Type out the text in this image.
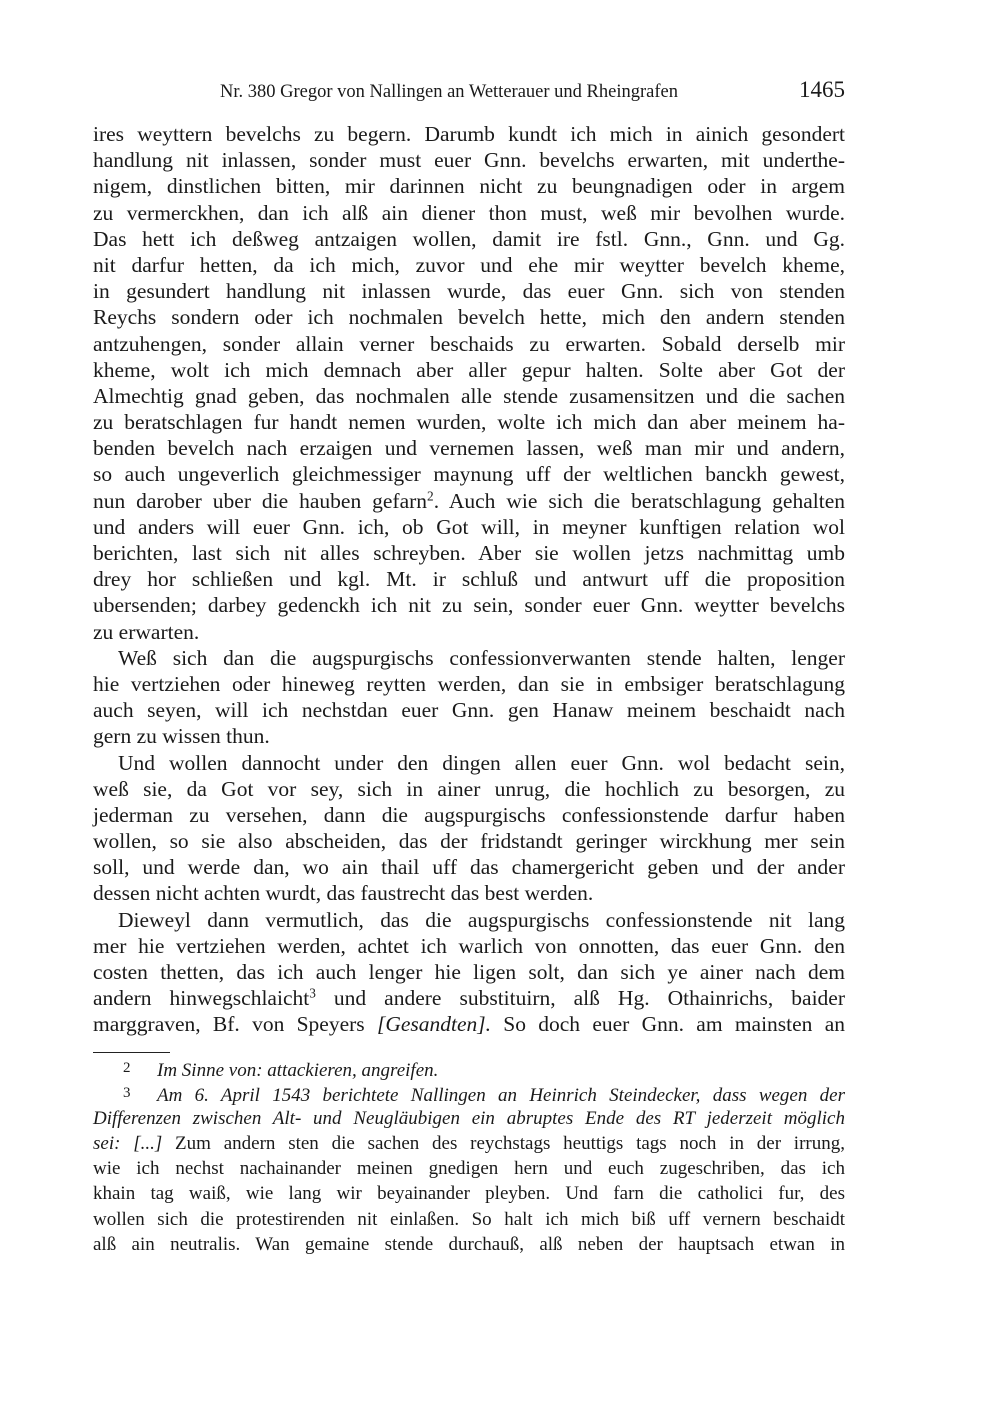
Nr. 380 Gregor von Nallingen an Wetterauer und Rheingrafen	1465
ires weyttern bevelchs zu begern. Darumb kundt ich mich in ainich gesondert
handlung nit inlassen, sonder must euer Gnn. bevelchs erwarten, mit underthe-
nigem, dinstlichen bitten, mir darinnen nicht zu beungnadigen oder in argem
zu vermerckhen, dan ich alß ain diener thon must, weß mir bevolhen wurde.
Das hett ich deßweg antzaigen wollen, damit ire fstl. Gnn., Gnn. und Gg.
nit darfur hetten, da ich mich, zuvor und ehe mir weytter bevelch kheme,
in gesundert handlung nit inlassen wurde, das euer Gnn. sich von stenden
Reychs sondern oder ich nochmalen bevelch hette, mich den andern stenden
antzuhengen, sonder allain verner beschaids zu erwarten. Sobald derselb mir
kheme, wolt ich mich demnach aber aller gepur halten. Solte aber Got der
Almechtig gnad geben, das nochmalen alle stende zusamensitzen und die sachen
zu beratschlagen fur handt nemen wurden, wolte ich mich dan aber meinem ha-
benden bevelch nach erzaigen und vernemen lassen, weß man mir und andern,
so auch ungeverlich gleichmessiger maynung uff der weltlichen banckh gewest,
nun darober uber die hauben gefarn$^2$. Auch wie sich die beratschlagung gehalten
und anders will euer Gnn. ich, ob Got will, in meyner kunftigen relation wol
berichten, last sich nit alles schreyben. Aber sie wollen jetzs nachmittag umb
drey hor schließen und kgl. Mt. ir schluß und antwurt uff die proposition
ubersenden; darbey gedenckh ich nit zu sein, sonder euer Gnn. weytter bevelchs
zu erwarten.
Weß sich dan die augspurgischs confessionverwanten stende halten, lenger
hie vertziehen oder hineweg reytten werden, dan sie in embsiger beratschlagung
auch seyen, will ich nechstdan euer Gnn. gen Hanaw meinem beschaidt nach
gern zu wissen thun.
Und wollen dannocht under den dingen allen euer Gnn. wol bedacht sein,
weß sie, da Got vor sey, sich in ainer unrug, die hochlich zu besorgen, zu
jederman zu versehen, dann die augspurgischs confessionstende darfur haben
wollen, so sie also abscheiden, das der fridstandt geringer wirckhung mer sein
soll, und werde dan, wo ain thail uff das chamergericht geben und der ander
dessen nicht achten wurdt, das faustrecht das best werden.
Dieweyl dann vermutlich, das die augspurgischs confessionstende nit lang
mer hie vertziehen werden, achtet ich warlich von onnotten, das euer Gnn. den
costen thetten, das ich auch lenger hie ligen solt, dan sich ye ainer nach dem
andern hinwegschlaicht$^3$ und andere substituirn, alß Hg. Othainrichs, baider
marggraven, Bf. von Speyers [Gesandten]. So doch euer Gnn. am mainsten an
2 Im Sinne von: attackieren, angreifen.
3 Am 6. April 1543 berichtete Nallingen an Heinrich Steindecker, dass wegen der
Differenzen zwischen Alt- und Neugläubigen ein abruptes Ende des RT jederzeit möglich
sei: [...] Zum andern sten die sachen des reychstags heuttigs tags noch in der irrung,
wie ich nechst nachainander meinen gnedigen hern und euch zugeschriben, das ich
khain tag waiß, wie lang wir beyainander pleyben. Und farn die catholici fur, des
wollen sich die protestirenden nit einlaßen. So halt ich mich biß uff vernern beschaidt
alß ain neutralis. Wan gemaine stende durchauß, alß neben der hauptsach etwan in
